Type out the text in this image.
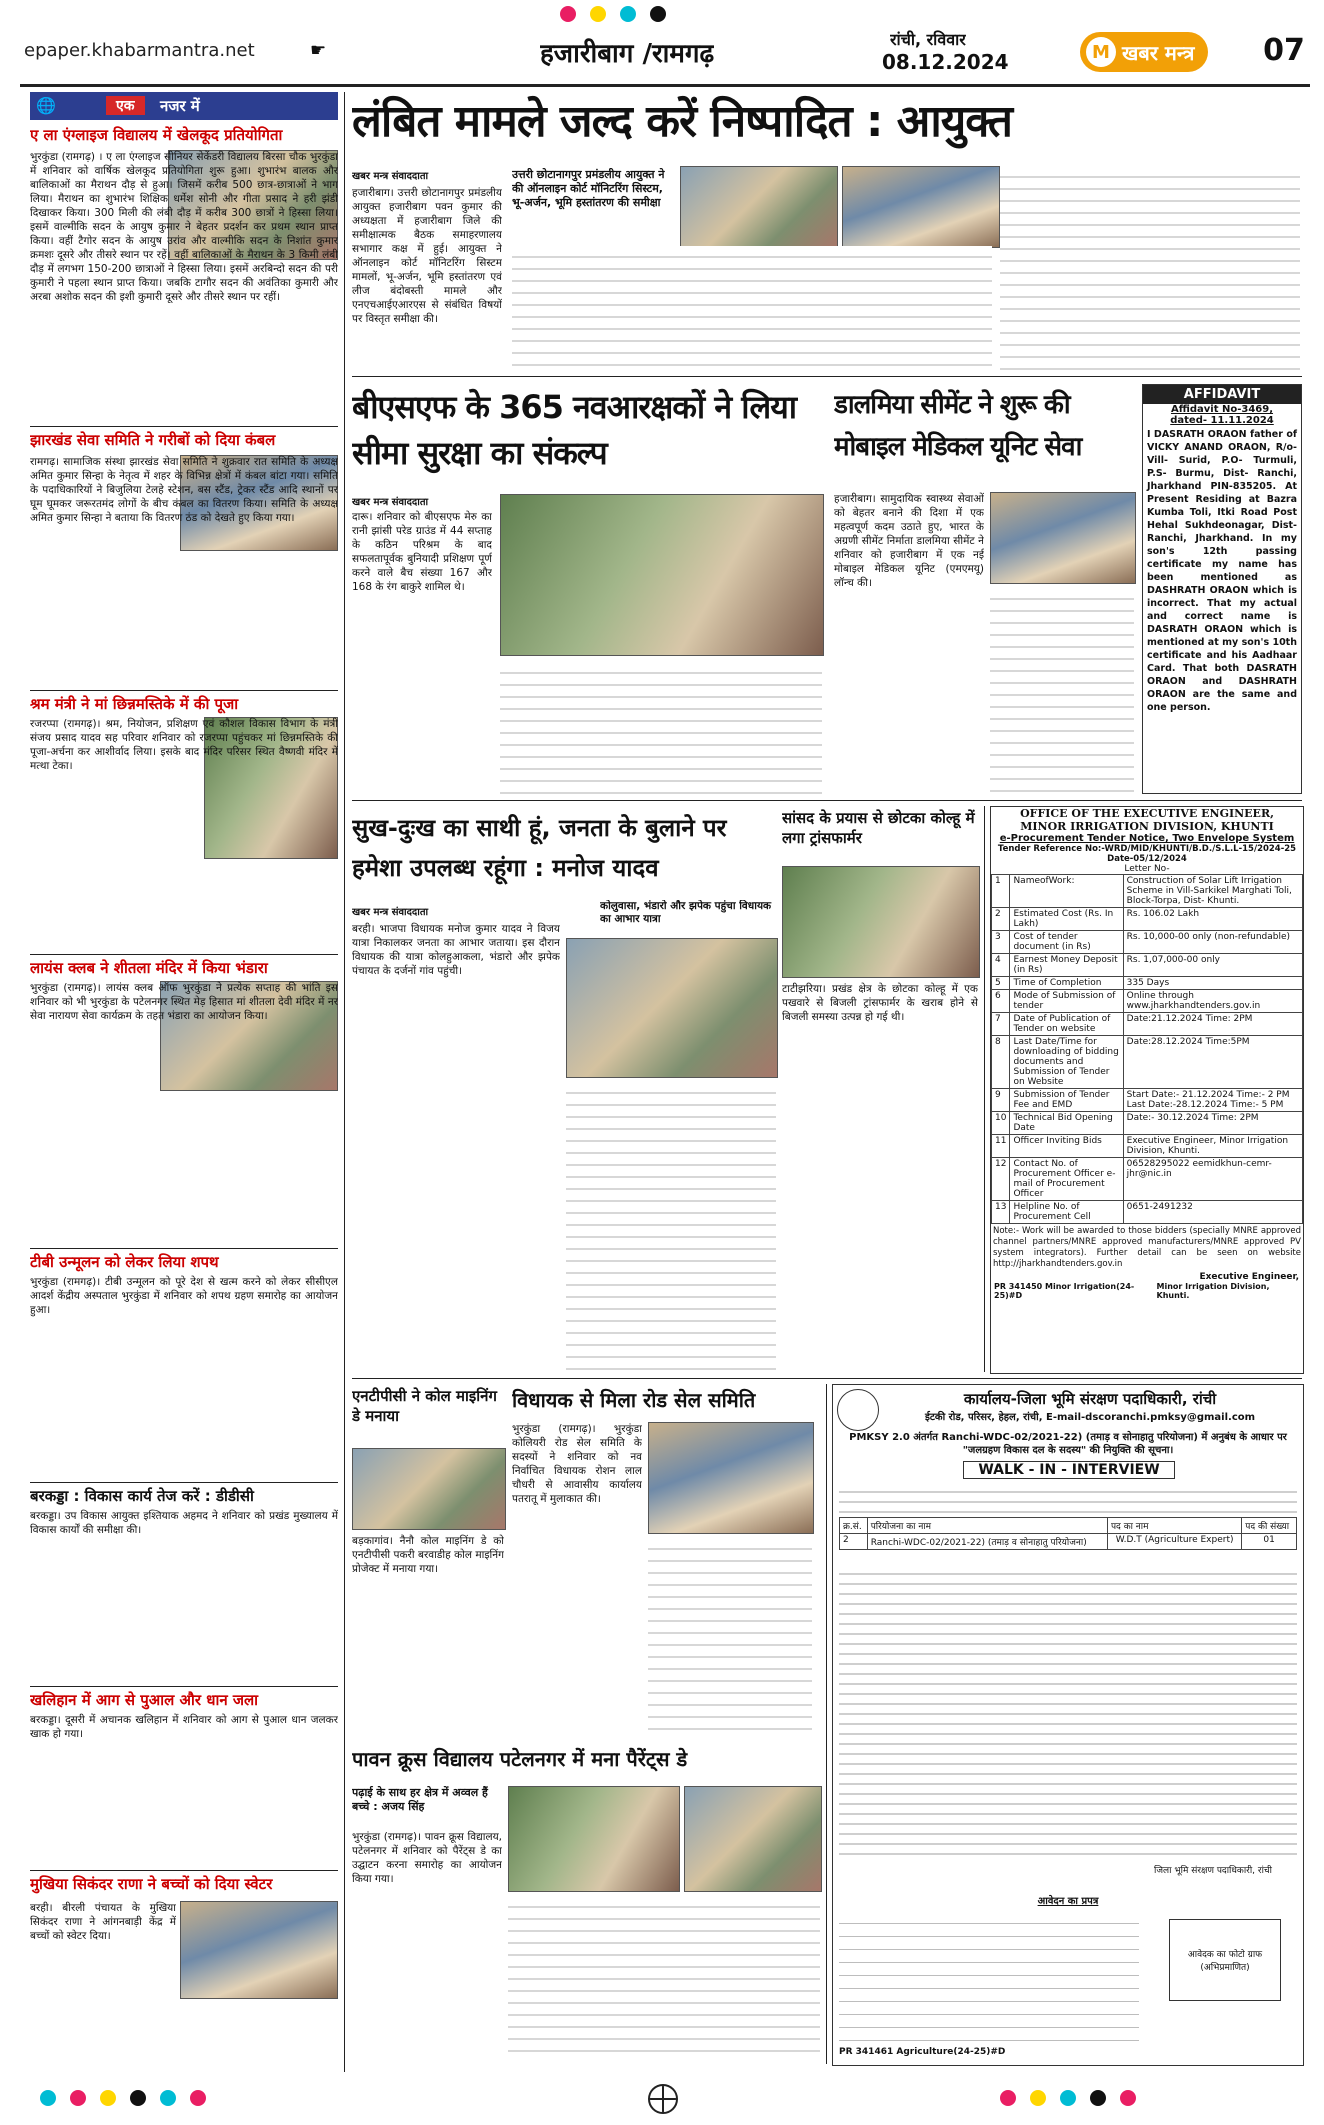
epaper.khabarmantra.net	☛	हजारीबाग /रामगढ़	रांची, रविवार
08.12.2024	M खबर मन्त्र 07
🌐	एक	नजर में
ए ला एंग्लाइज विद्यालय में खेलकूद प्रतियोगिता
भुरकुंडा (रामगढ़) । ए ला एंग्लाइज सीनियर सेकेंडरी विद्यालय बिरसा चौक भुरकुंडा में शनिवार को वार्षिक खेलकूद प्रतियोगिता शुरू हुआ। शुभारंभ बालक और बालिकाओं का मैराथन दौड़ से हुआ। जिसमें करीब 500 छात्र-छात्राओं ने भाग लिया। मैराथन का शुभारंभ शिक्षिक धर्मेश सोनी और गीता प्रसाद ने हरी झंडी दिखाकर किया। 300 मिली की लंबी दौड़ में करीब 300 छात्रों ने हिस्सा लिया। इसमें वाल्मीकि सदन के आयुष कुमार ने बेहतर प्रदर्शन कर प्रथम स्थान प्राप्त किया। वहीं टैगोर सदन के आयुष उरांव और वाल्मीकि सदन के निशांत कुमार क्रमशः दूसरे और तीसरे स्थान पर रहें। वहीं बालिकाओं के मैराथन के 3 किमी लंबी दौड़ में लगभग 150-200 छात्राओं ने हिस्सा लिया। इसमें अरबिन्दो सदन की परी कुमारी ने पहला स्थान प्राप्त किया। जबकि टागौर सदन की अवंतिका कुमारी और अरबा अशोक सदन की इशी कुमारी दूसरे और तीसरे स्थान पर रहीं।
झारखंड सेवा समिति ने गरीबों को दिया कंबल
रामगढ़। सामाजिक संस्था झारखंड सेवा समिति ने शुक्रवार रात समिति के अध्यक्ष अमित कुमार सिन्हा के नेतृत्व में शहर के विभिन्न क्षेत्रों में कंबल बांटा गया। समिति के पदाधिकारियों ने बिजुलिया टेलहे स्टेशन, बस स्टैंड, ट्रेकर स्टैंड आदि स्थानों पर घूम घूमकर जरूरतमंद लोगों के बीच कंबल का वितरण किया। समिति के अध्यक्ष अमित कुमार सिन्हा ने बताया कि वितरण ठंड को देखते हुए किया गया।
श्रम मंत्री ने मां छिन्नमस्तिके में की पूजा
रजरप्पा (रामगढ़)। श्रम, नियोजन, प्रशिक्षण एवं कौशल विकास विभाग के मंत्री संजय प्रसाद यादव सह परिवार शनिवार को रजरप्पा पहुंचकर मां छिन्नमस्तिके की पूजा-अर्चना कर आशीर्वाद लिया। इसके बाद मंदिर परिसर स्थित वैष्णवी मंदिर में मत्था टेका।
लायंस क्लब ने शीतला मंदिर में किया भंडारा
भुरकुंडा (रामगढ़)। लायंस क्लब ऑफ भुरकुंडा ने प्रत्येक सप्ताह की भांति इस शनिवार को भी भुरकुंडा के पटेलनगर स्थित मेड़ हिसात मां शीतला देवी मंदिर में नर सेवा नारायण सेवा कार्यक्रम के तहत भंडारा का आयोजन किया।
टीबी उन्मूलन को लेकर लिया शपथ
भुरकुंडा (रामगढ़)। टीबी उन्मूलन को पूरे देश से खत्म करने को लेकर सीसीएल आदर्श केंद्रीय अस्पताल भुरकुंडा में शनिवार को शपथ ग्रहण समारोह का आयोजन हुआ।
बरकड्डा : विकास कार्य तेज करें : डीडीसी
बरकड्डा। उप विकास आयुक्त इश्तियाक अहमद ने शनिवार को प्रखंड मुख्यालय में विकास कार्यों की समीक्षा की।
खलिहान में आग से पुआल और धान जला
बरकड्डा। दूसरी में अचानक खलिहान में शनिवार को आग से पुआल धान जलकर खाक हो गया।
मुखिया सिकंदर राणा ने बच्चों को दिया स्वेटर
बरही। बीरली पंचायत के मुखिया सिकंदर राणा ने आंगनबाड़ी केंद्र में बच्चों को स्वेटर दिया।
लंबित मामले जल्द करें निष्पादित : आयुक्त
खबर मन्त्र संवाददाता
हजारीबाग। उत्तरी छोटानागपुर प्रमंडलीय आयुक्त हजारीबाग पवन कुमार की अध्यक्षता में हजारीबाग जिले की समीक्षात्मक बैठक समाहरणालय सभागार कक्ष में हुई। आयुक्त ने ऑनलाइन कोर्ट मॉनिटरिंग सिस्टम मामलों, भू-अर्जन, भूमि हस्तांतरण एवं लीज बंदोबस्ती मामले और एनएचआईएआरएस से संबंधित विषयों पर विस्तृत समीक्षा की।
उत्तरी छोटानागपुर प्रमंडलीय आयुक्त ने की ऑनलाइन कोर्ट मॉनिटरिंग सिस्टम, भू-अर्जन, भूमि हस्तांतरण की समीक्षा
बीएसएफ के 365 नवआरक्षकों ने लिया सीमा सुरक्षा का संकल्प
खबर मन्त्र संवाददाता
दारू। शनिवार को बीएसएफ मेरु का रानी झांसी परेड ग्राउंड में 44 सप्ताह के कठिन परिश्रम के बाद सफलतापूर्वक बुनियादी प्रशिक्षण पूर्ण करने वाले बैच संख्या 167 और 168 के रंग बाकुरे शामिल थे।
डालमिया सीमेंट ने शुरू की मोबाइल मेडिकल यूनिट सेवा
हजारीबाग। सामुदायिक स्वास्थ्य सेवाओं को बेहतर बनाने की दिशा में एक महत्वपूर्ण कदम उठाते हुए, भारत के अग्रणी सीमेंट निर्माता डालमिया सीमेंट ने शनिवार को हजारीबाग में एक नई मोबाइल मेडिकल यूनिट (एमएमयू) लॉन्च की।
AFFIDAVIT
Affidavit No-3469,
dated- 11.11.2024
I DASRATH ORAON father of VICKY ANAND ORAON, R/o-Vill- Surid, P.O- Turmuli, P.S- Burmu, Dist- Ranchi, Jharkhand PIN-835205. At Present Residing at Bazra Kumba Toli, Itki Road Post Hehal Sukhdeonagar, Dist-Ranchi, Jharkhand. In my son's 12th passing certificate my name has been mentioned as DASHRATH ORAON which is incorrect. That my actual and correct name is DASRATH ORAON which is mentioned at my son's 10th certificate and his Aadhaar Card. That both DASRATH ORAON and DASHRATH ORAON are the same and one person.
सुख-दुःख का साथी हूं, जनता के बुलाने पर हमेशा उपलब्ध रहूंगा : मनोज यादव
कोलुवासा, भंडारो और झपेक पहुंचा विधायक का आभार यात्रा
खबर मन्त्र संवाददाता
बरही। भाजपा विधायक मनोज कुमार यादव ने विजय यात्रा निकालकर जनता का आभार जताया। इस दौरान विधायक की यात्रा कोलहुआकला, भंडारो और झपेक पंचायत के दर्जनों गांव पहुंची।
सांसद के प्रयास से छोटका कोल्हू में लगा ट्रांसफार्मर
टाटीझरिया। प्रखंड क्षेत्र के छोटका कोल्हू में एक पखवारे से बिजली ट्रांसफार्मर के खराब होने से बिजली समस्या उत्पन्न हो गई थी।
OFFICE OF THE EXECUTIVE ENGINEER,
MINOR IRRIGATION DIVISION, KHUNTI
e-Procurement Tender Notice, Two Envelope System
Tender Reference No:-WRD/MID/KHUNTI/B.D./S.L.L-15/2024-25 Date-05/12/2024
Letter No-
1	NameofWork:	Construction of Solar Lift Irrigation Scheme in Vill-Sarkikel Marghati Toli, Block-Torpa, Dist- Khunti.
2	Estimated Cost (Rs. In Lakh)	Rs. 106.02 Lakh
3	Cost of tender document (in Rs)	Rs. 10,000-00 only (non-refundable)
4	Earnest Money Deposit (in Rs)	Rs. 1,07,000-00 only
5	Time of Completion	335 Days
6	Mode of Submission of tender	Online through www.jharkhandtenders.gov.in
7	Date of Publication of Tender on website	Date:21.12.2024 Time: 2PM
8	Last Date/Time for downloading of bidding documents and Submission of Tender on Website	Date:28.12.2024 Time:5PM
9	Submission of Tender Fee and EMD	Start Date:- 21.12.2024 Time:- 2 PM Last Date:-28.12.2024 Time:- 5 PM
10	Technical Bid Opening Date	Date:- 30.12.2024 Time: 2PM
11	Officer Inviting Bids	Executive Engineer, Minor Irrigation Division, Khunti.
12	Contact No. of Procurement Officer e-mail of Procurement Officer	06528295022 eemidkhun-cemr-jhr@nic.in
13	Helpline No. of Procurement Cell	0651-2491232
Note:- Work will be awarded to those bidders (specially MNRE approved channel partners/MNRE approved manufacturers/MNRE approved PV system integrators). Further detail can be seen on website http://jharkhandtenders.gov.in
Executive Engineer,
PR 341450 Minor Irrigation(24-25)#D
Minor Irrigation Division, Khunti.
एनटीपीसी ने कोल माइनिंग डे मनाया
बड़कागांव। नैनौ कोल माइनिंग डे को एनटीपीसी पकरी बरवाडीह कोल माइनिंग प्रोजेक्ट में मनाया गया।
विधायक से मिला रोड सेल समिति
भुरकुंडा (रामगढ़)। भुरकुंडा कोलियरी रोड सेल समिति के सदस्यों ने शनिवार को नव निर्वाचित विधायक रोशन लाल चौधरी से आवासीय कार्यालय पतरातू में मुलाकात की।
पावन क्रूस विद्यालय पटेलनगर में मना पैरेंट्स डे
पढ़ाई के साथ हर क्षेत्र में अव्वल हैं बच्चे : अजय सिंह
भुरकुंडा (रामगढ़)। पावन क्रूस विद्यालय, पटेलनगर में शनिवार को पैरेंट्स डे का उद्घाटन करना समारोह का आयोजन किया गया।
कार्यालय-जिला भूमि संरक्षण पदाधिकारी, रांची
ईटकी रोड, परिसर, हेहल, रांची, E-mail-dscoranchi.pmksy@gmail.com
PMKSY 2.0 अंतर्गत Ranchi-WDC-02/2021-22) (तमाड़ व सोनाहातु परियोजना) में अनुबंध के आधार पर "जलग्रहण विकास दल के सदस्य" की नियुक्ति की सूचना।
WALK - IN - INTERVIEW
क्र.सं.	परियोजना का नाम	पद का नाम	पद की संख्या
2	Ranchi-WDC-02/2021-22) (तमाड़ व सोनाहातु परियोजना)	W.D.T (Agriculture Expert)	01
जिला भूमि संरक्षण पदाधिकारी, रांची
आवेदन का प्रपत्र
आवेदक का फोटो ग्राफ (अभिप्रमाणित)
PR 341461 Agriculture(24-25)#D
